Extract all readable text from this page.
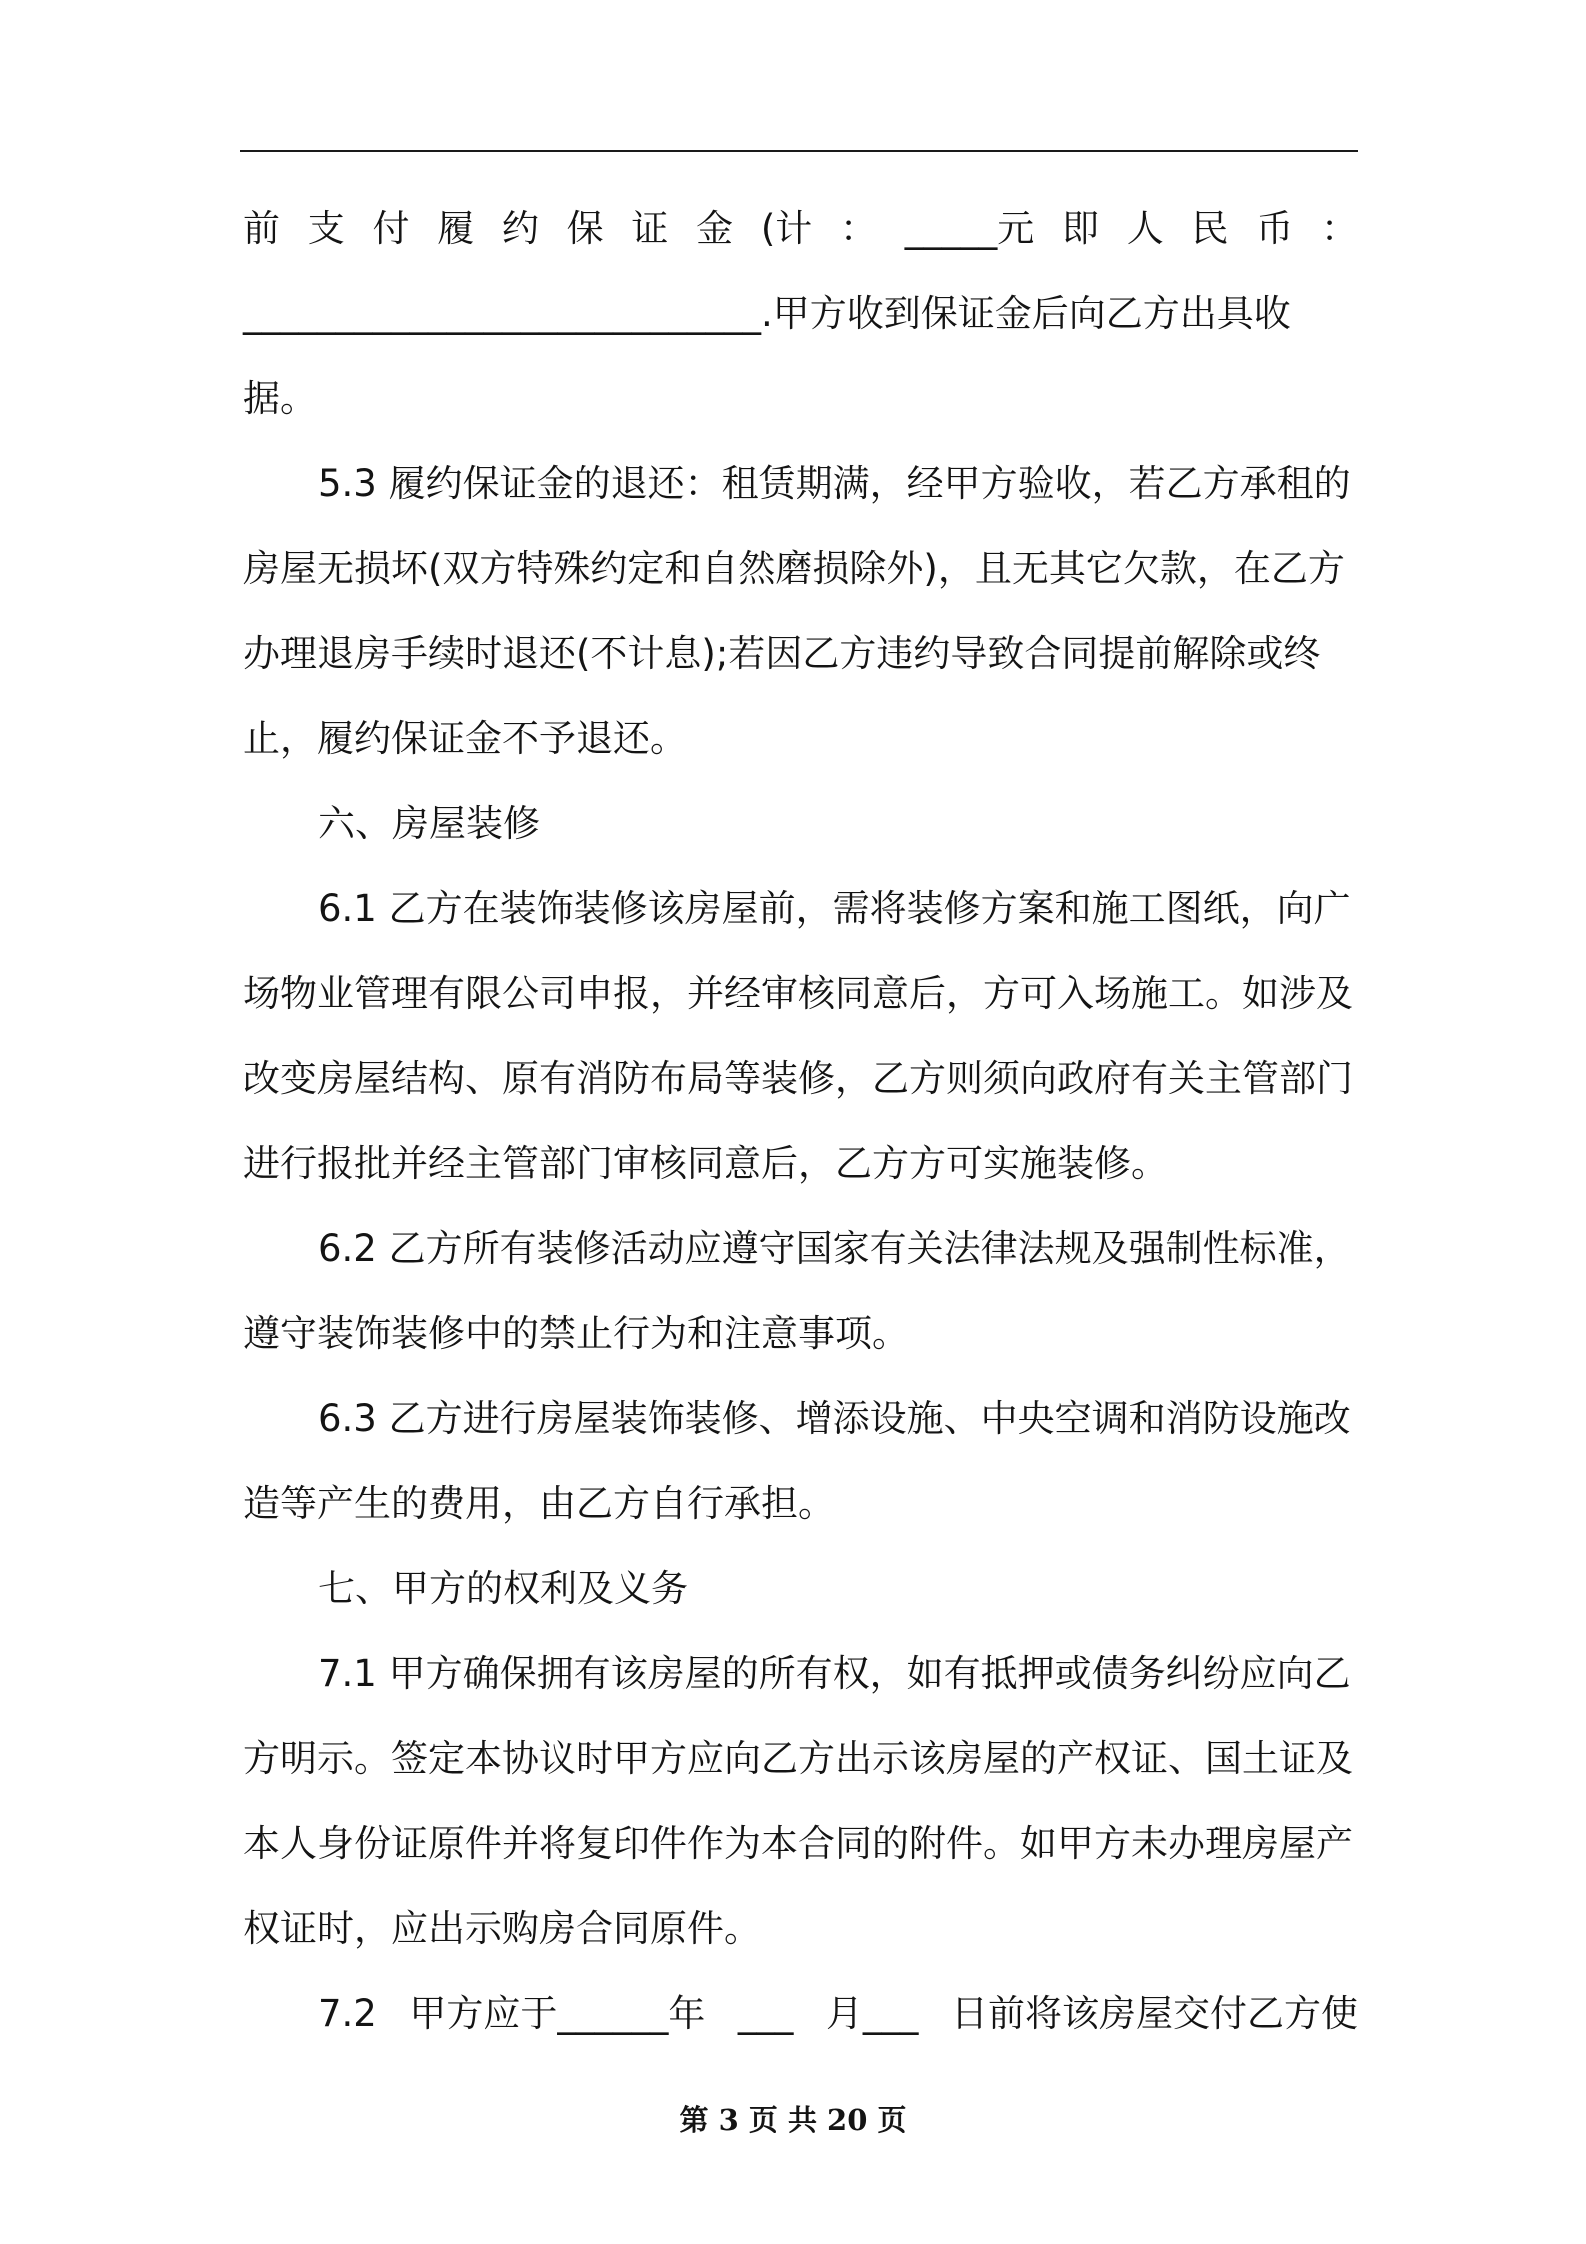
前 支 付 履 约 保 证 金 (计 ： _____元 即 人 民 币 ：
____________________________.甲方收到保证金后向乙方出具收
据。
5.3 履约保证金的退还：租赁期满，经甲方验收，若乙方承租的
房屋无损坏(双方特殊约定和自然磨损除外)，且无其它欠款，在乙方
办理退房手续时退还(不计息);若因乙方违约导致合同提前解除或终
止，履约保证金不予退还。
六、房屋装修
6.1 乙方在装饰装修该房屋前，需将装修方案和施工图纸，向广
场物业管理有限公司申报，并经审核同意后，方可入场施工。如涉及
改变房屋结构、原有消防布局等装修，乙方则须向政府有关主管部门
进行报批并经主管部门审核同意后，乙方方可实施装修。
6.2 乙方所有装修活动应遵守国家有关法律法规及强制性标准，
遵守装饰装修中的禁止行为和注意事项。
6.3 乙方进行房屋装饰装修、增添设施、中央空调和消防设施改
造等产生的费用，由乙方自行承担。
七、甲方的权利及义务
7.1 甲方确保拥有该房屋的所有权，如有抵押或债务纠纷应向乙
方明示。签定本协议时甲方应向乙方出示该房屋的产权证、国土证及
本人身份证原件并将复印件作为本合同的附件。如甲方未办理房屋产
权证时，应出示购房合同原件。
7.2 甲方应于______年 ___ 月___ 日前将该房屋交付乙方使
第 3 页 共 20 页
